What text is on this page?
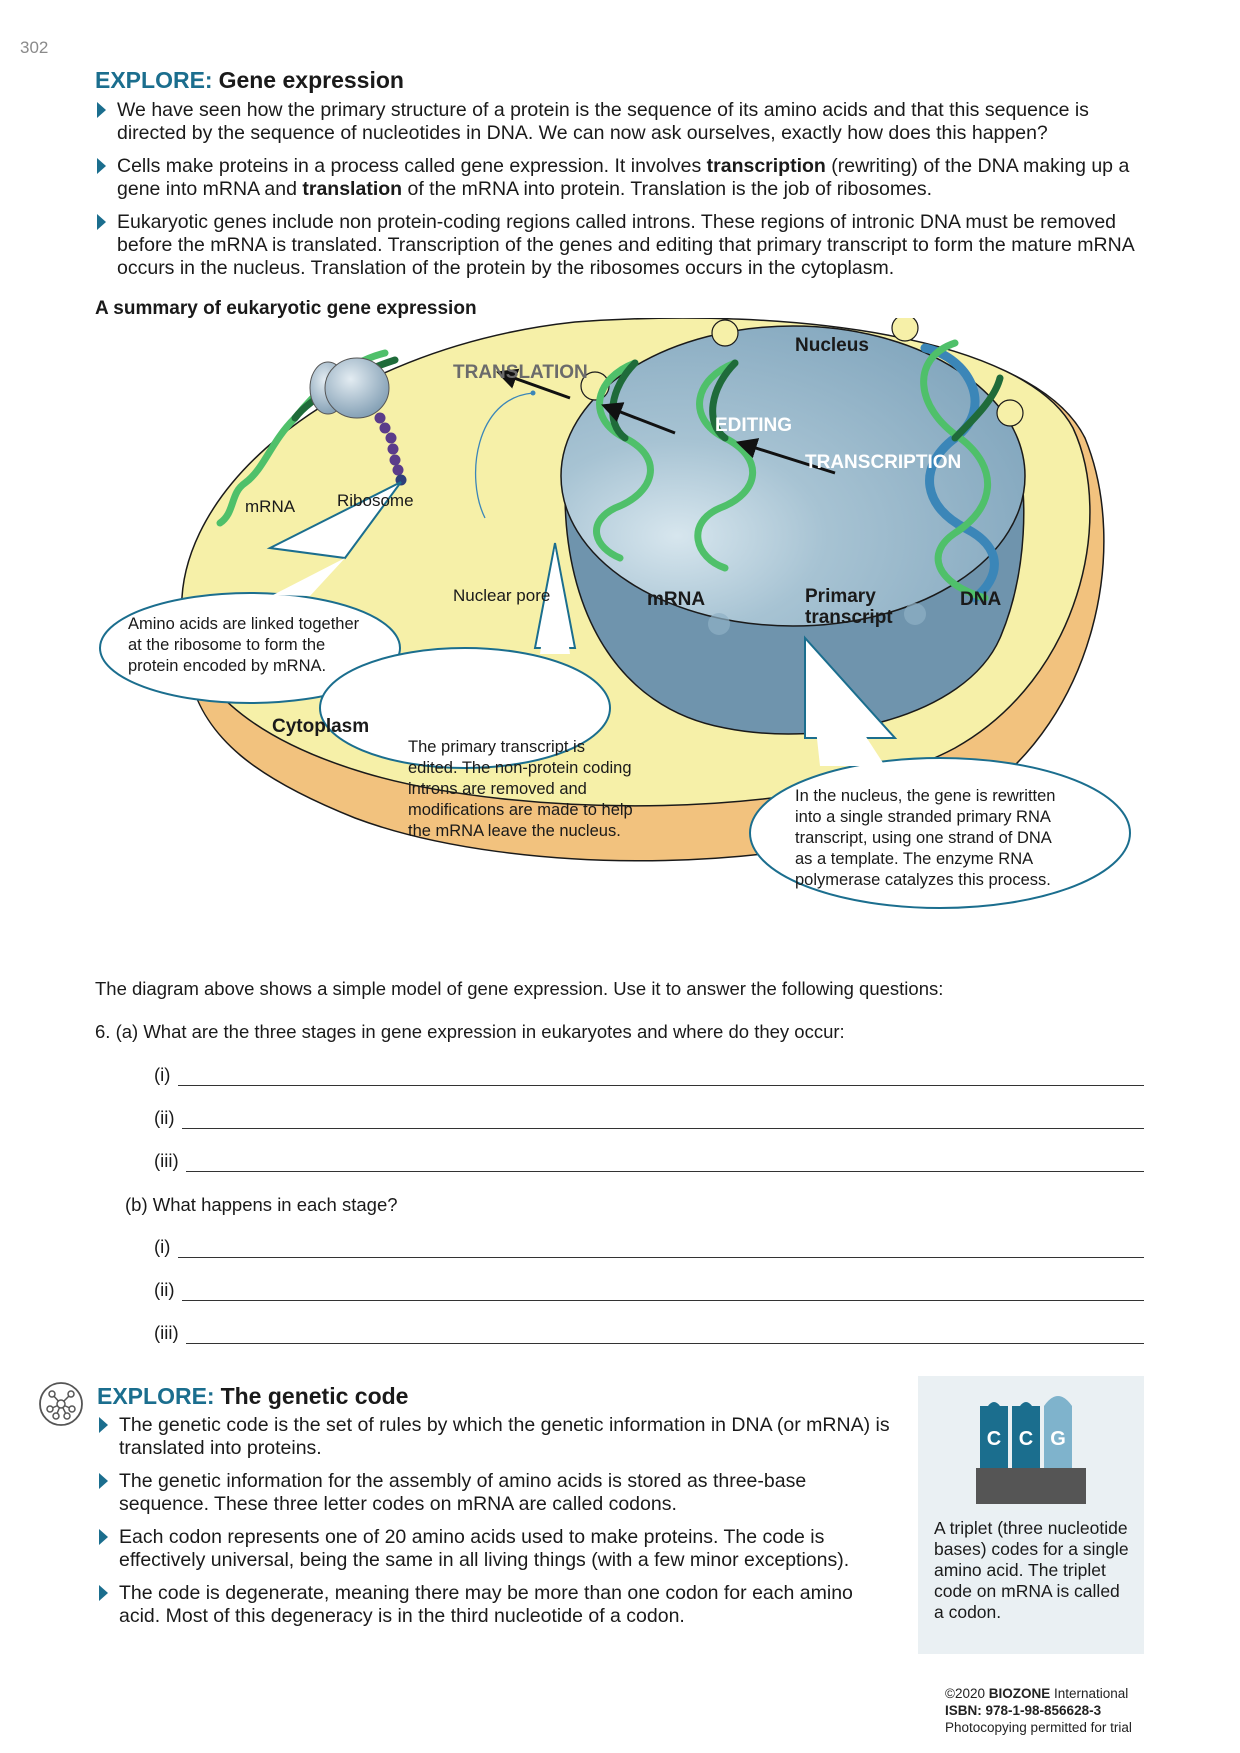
302
EXPLORE: Gene expression
We have seen how the primary structure of a protein is the sequence of its amino acids and that this sequence is directed by the sequence of nucleotides in DNA. We can now ask ourselves, exactly how does this happen?
Cells make proteins in a process called gene expression. It involves transcription (rewriting) of the DNA making up a gene into mRNA and translation of the mRNA into protein. Translation is the job of ribosomes.
Eukaryotic genes include non protein-coding regions called introns. These regions of intronic DNA must be removed before the mRNA is translated. Transcription of the genes and editing that primary transcript to form the mature mRNA occurs in the nucleus. Translation of the protein by the ribosomes occurs in the cytoplasm.
A summary of eukaryotic gene expression
Amino acids are linked together at the ribosome to form the protein encoded by mRNA.
The primary transcript is edited. The non-protein coding introns are removed and modifications are made to help the mRNA leave the nucleus.
In the nucleus, the gene is rewritten into a single stranded primary RNA transcript, using one strand of DNA as a template. The enzyme RNA polymerase catalyzes this process.
Nucleus
TRANSLATION
EDITING
TRANSCRIPTION
mRNA Ribosome
Nuclear pore	mRNA	Primary transcript
DNA
Cytoplasm
The diagram above shows a simple model of gene expression. Use it to answer the following questions:
6. (a) What are the three stages in gene expression in eukaryotes and where do they occur:
(i)
(ii)
(iii)
(b) What happens in each stage?
(i)
(ii)
(iii)
EXPLORE: The genetic code
The genetic code is the set of rules by which the genetic information in DNA (or mRNA) is translated into proteins.
The genetic information for the assembly of amino acids is stored as three-base sequence. These three letter codes on mRNA are called codons.
Each codon represents one of 20 amino acids used to make proteins. The code is effectively universal, being the same in all living things (with a few minor exceptions).
The code is degenerate, meaning there may be more than one codon for each amino acid. Most of this degeneracy is in the third nucleotide of a codon.
C C G
A triplet (three nucleotide bases) codes for a single amino acid. The triplet code on mRNA is called a codon.
©2020 BIOZONE International
ISBN: 978-1-98-856628-3
Photocopying permitted for trial
